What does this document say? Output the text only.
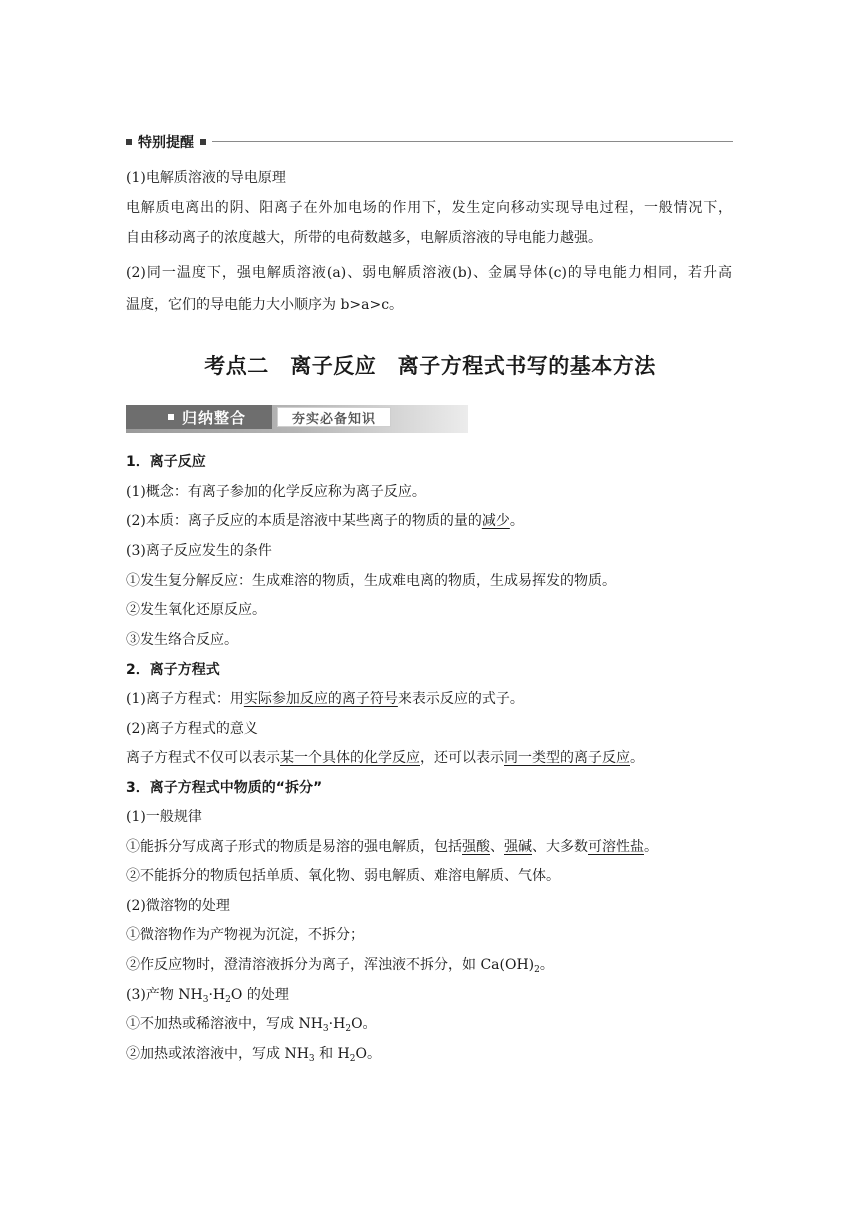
特别提醒
(1)电解质溶液的导电原理
电解质电离出的阴、阳离子在外加电场的作用下，发生定向移动实现导电过程，一般情况下，
自由移动离子的浓度越大，所带的电荷数越多，电解质溶液的导电能力越强。
(2)同一温度下，强电解质溶液(a)、弱电解质溶液(b)、金属导体(c)的导电能力相同，若升高
温度，它们的导电能力大小顺序为 b>a>c。
考点二　离子反应　离子方程式书写的基本方法
归纳整合	夯实必备知识
1．离子反应
(1)概念：有离子参加的化学反应称为离子反应。
(2)本质：离子反应的本质是溶液中某些离子的物质的量的减少。
(3)离子反应发生的条件
①发生复分解反应：生成难溶的物质，生成难电离的物质，生成易挥发的物质。
②发生氧化还原反应。
③发生络合反应。
2．离子方程式
(1)离子方程式：用实际参加反应的离子符号来表示反应的式子。
(2)离子方程式的意义
离子方程式不仅可以表示某一个具体的化学反应，还可以表示同一类型的离子反应。
3．离子方程式中物质的“拆分”
(1)一般规律
①能拆分写成离子形式的物质是易溶的强电解质，包括强酸、强碱、大多数可溶性盐。
②不能拆分的物质包括单质、氧化物、弱电解质、难溶电解质、气体。
(2)微溶物的处理
①微溶物作为产物视为沉淀，不拆分；
②作反应物时，澄清溶液拆分为离子，浑浊液不拆分，如 $Ca(OH)_2$。
(3)产物 $NH_3\cdot H_2O$ 的处理
①不加热或稀溶液中，写成 $NH_3\cdot H_2O$。
②加热或浓溶液中，写成 $NH_3$ 和 $H_2O$。
